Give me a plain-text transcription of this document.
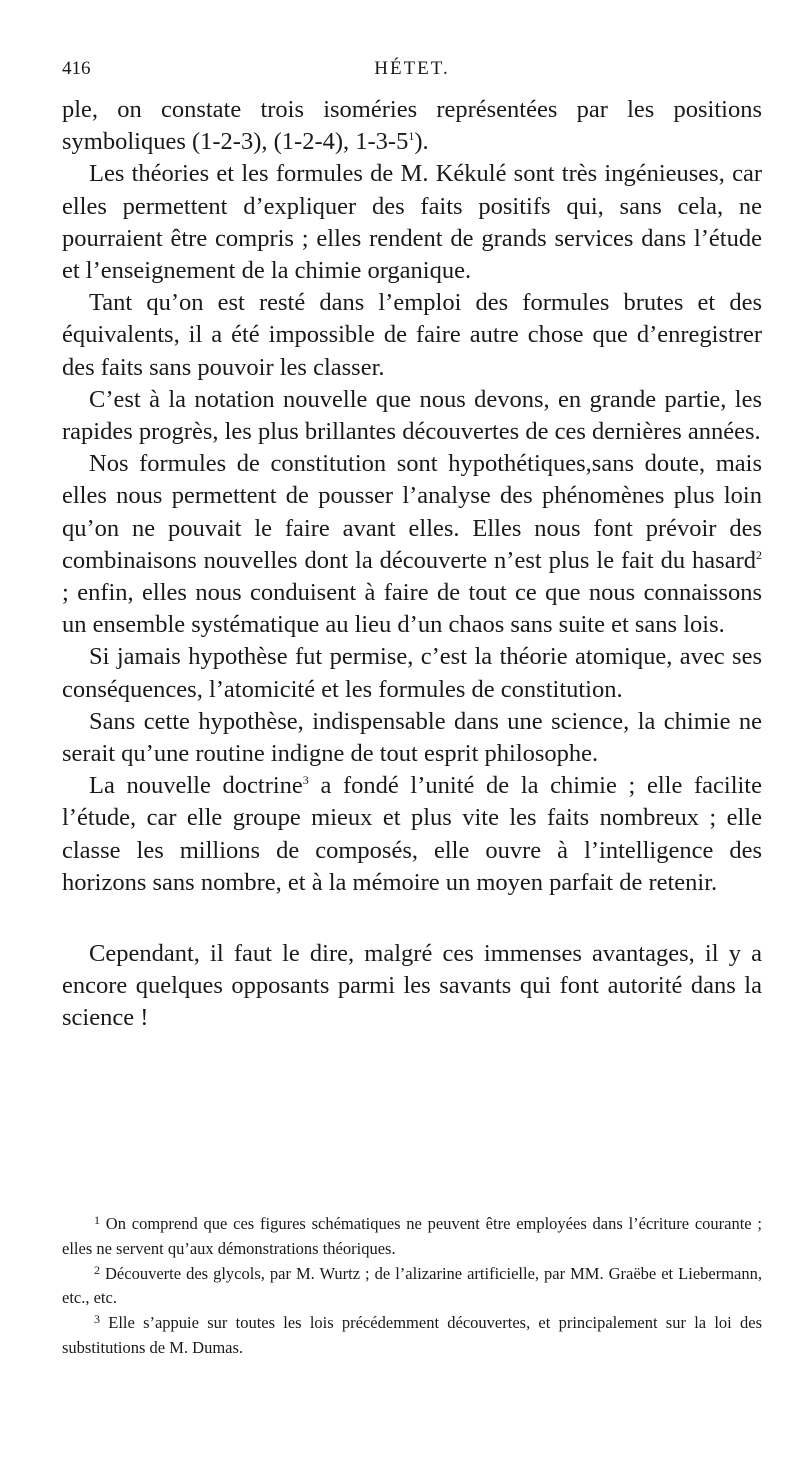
416	HÉTET.

ple, on constate trois isoméries représentées par les positions symboliques (1-2-3), (1-2-4), $1-3-5^1$).

Les théories et les formules de M. Kékulé sont très ingénieuses, car elles permettent d’expliquer des faits positifs qui, sans cela, ne pourraient être compris ; elles rendent de grands services dans l’étude et l’enseignement de la chimie organique.

Tant qu’on est resté dans l’emploi des formules brutes et des équivalents, il a été impossible de faire autre chose que d’enregistrer des faits sans pouvoir les classer.

C’est à la notation nouvelle que nous devons, en grande partie, les rapides progrès, les plus brillantes découvertes de ces dernières années.

Nos formules de constitution sont hypothétiques,sans doute, mais elles nous permettent de pousser l’analyse des phénomènes plus loin qu’on ne pouvait le faire avant elles. Elles nous font prévoir des combinaisons nouvelles dont la découverte n’est plus le fait du hasard$^2$ ; enfin, elles nous conduisent à faire de tout ce que nous connaissons un ensemble systématique au lieu d’un chaos sans suite et sans lois.

Si jamais hypothèse fut permise, c’est la théorie atomique, avec ses conséquences, l’atomicité et les formules de constitution.

Sans cette hypothèse, indispensable dans une science, la chimie ne serait qu’une routine indigne de tout esprit philosophe.

La nouvelle doctrine$^3$ a fondé l’unité de la chimie ; elle facilite l’étude, car elle groupe mieux et plus vite les faits nombreux ; elle classe les millions de composés, elle ouvre à l’intelligence des horizons sans nombre, et à la mémoire un moyen parfait de retenir.

Cependant, il faut le dire, malgré ces immenses avantages, il y a encore quelques opposants parmi les savants qui font autorité dans la science !

1 On comprend que ces figures schématiques ne peuvent être employées dans l’écriture courante ; elles ne servent qu’aux démonstrations théoriques.

2 Découverte des glycols, par M. Wurtz ; de l’alizarine artificielle, par MM. Graëbe et Liebermann, etc., etc.

3 Elle s’appuie sur toutes les lois précédemment découvertes, et principalement sur la loi des substitutions de M. Dumas.
